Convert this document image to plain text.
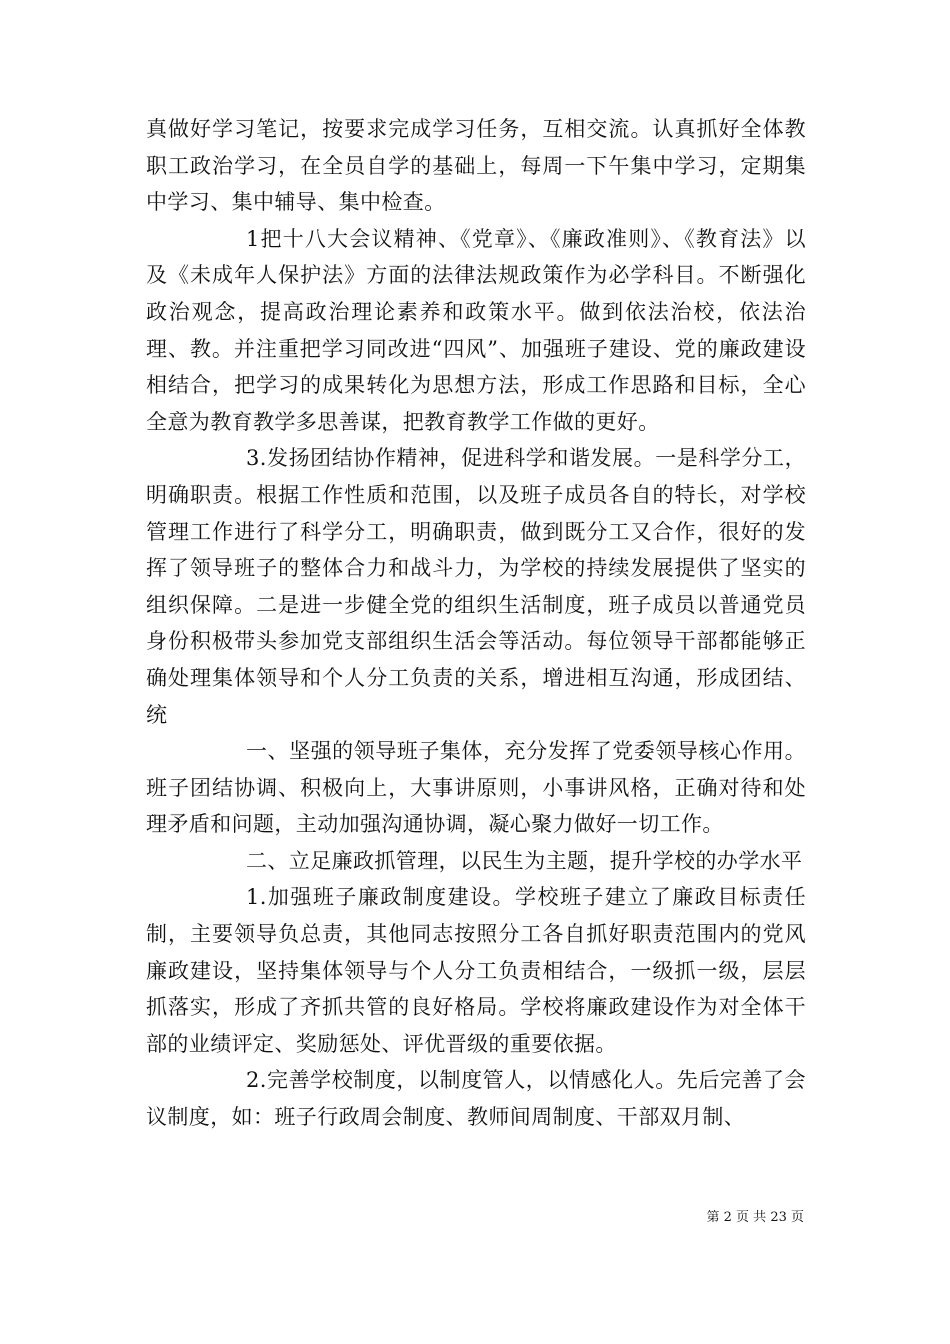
真做好学习笔记，按要求完成学习任务，互相交流。认真抓好全体教职工政治学习，在全员自学的基础上，每周一下午集中学习，定期集中学习、集中辅导、集中检查。

1把十八大会议精神、《党章》、《廉政准则》、《教育法》以及《未成年人保护法》方面的法律法规政策作为必学科目。不断强化政治观念，提高政治理论素养和政策水平。做到依法治校，依法治理、教。并注重把学习同改进“四风”、加强班子建设、党的廉政建设相结合，把学习的成果转化为思想方法，形成工作思路和目标，全心全意为教育教学多思善谋，把教育教学工作做的更好。

3.发扬团结协作精神，促进科学和谐发展。一是科学分工，明确职责。根据工作性质和范围，以及班子成员各自的特长，对学校管理工作进行了科学分工，明确职责，做到既分工又合作，很好的发挥了领导班子的整体合力和战斗力，为学校的持续发展提供了坚实的组织保障。二是进一步健全党的组织生活制度，班子成员以普通党员身份积极带头参加党支部组织生活会等活动。每位领导干部都能够正确处理集体领导和个人分工负责的关系，增进相互沟通，形成团结、统

一、坚强的领导班子集体，充分发挥了党委领导核心作用。班子团结协调、积极向上，大事讲原则，小事讲风格，正确对待和处理矛盾和问题，主动加强沟通协调，凝心聚力做好一切工作。

二、立足廉政抓管理，以民生为主题，提升学校的办学水平

1.加强班子廉政制度建设。学校班子建立了廉政目标责任制，主要领导负总责，其他同志按照分工各自抓好职责范围内的党风廉政建设，坚持集体领导与个人分工负责相结合，一级抓一级，层层抓落实，形成了齐抓共管的良好格局。学校将廉政建设作为对全体干部的业绩评定、奖励惩处、评优晋级的重要依据。

2.完善学校制度，以制度管人，以情感化人。先后完善了会议制度，如：班子行政周会制度、教师间周制度、干部双月制、

第 2 页 共 23 页
